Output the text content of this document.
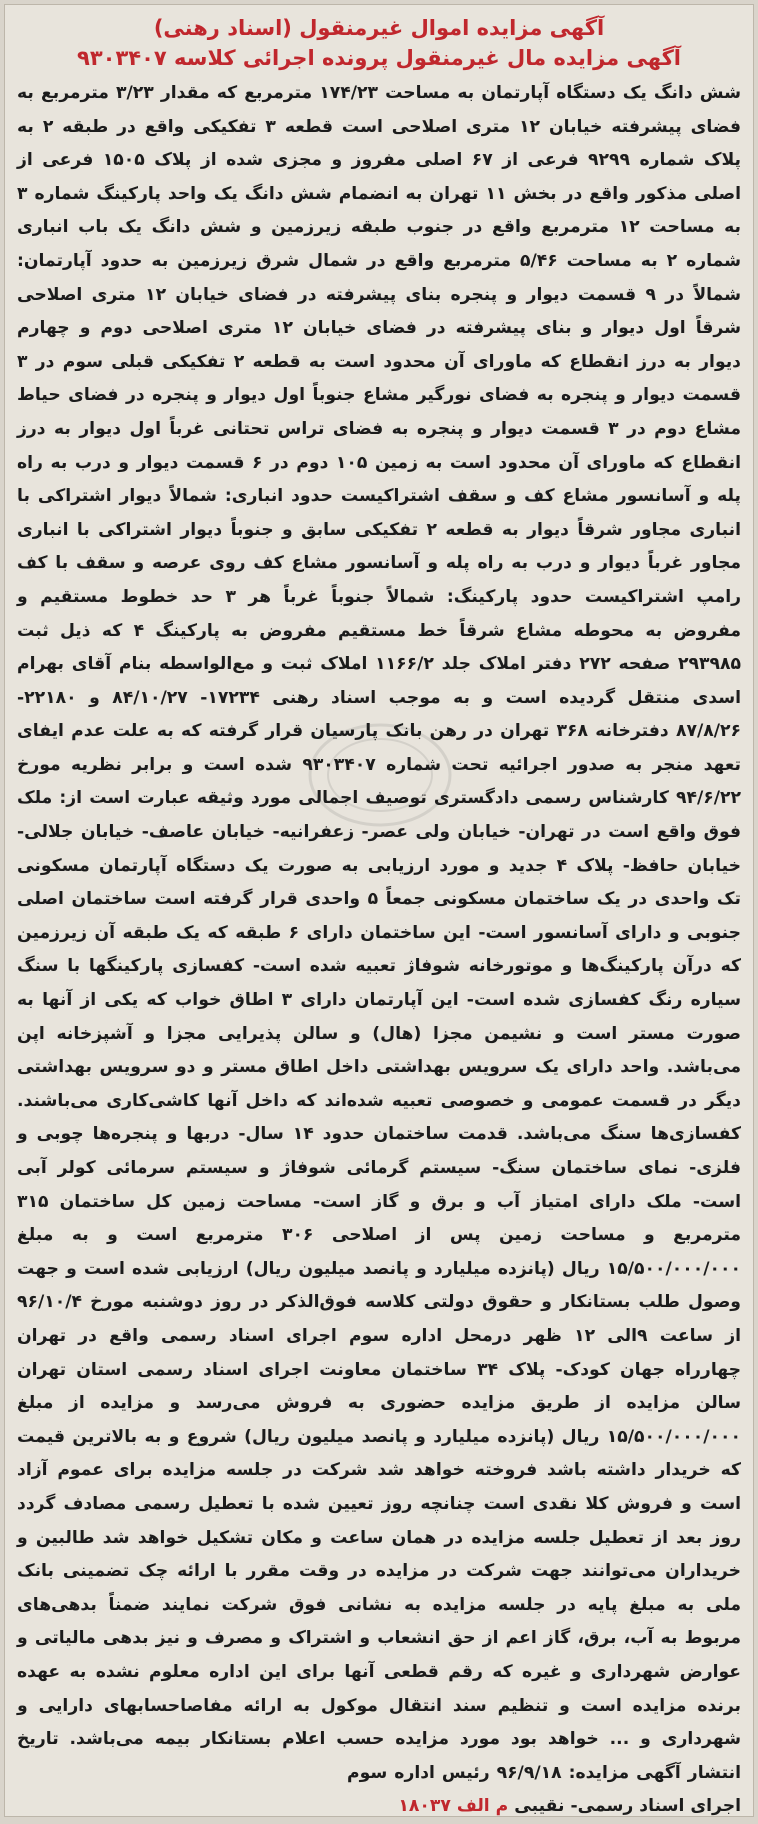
آگهی مزایده اموال غیرمنقول (اسناد رهنی)
آگهی مزایده مال غیرمنقول پرونده اجرائی کلاسه ۹۳۰۳۴۰۷

شش دانگ یک دستگاه آپارتمان به مساحت ۱۷۴/۲۳ مترمربع که مقدار ۳/۲۳ مترمربع به فضای پیشرفته خیابان ۱۲ متری اصلاحی است قطعه ۳ تفکیکی واقع در طبقه ۲ به پلاک شماره ۹۲۹۹ فرعی از ۶۷ اصلی مفروز و مجزی شده از پلاک ۱۵۰۵ فرعی از اصلی مذکور واقع در بخش ۱۱ تهران به انضمام شش دانگ یک واحد پارکینگ شماره ۳ به مساحت ۱۲ مترمربع واقع در جنوب طبقه زیرزمین و شش دانگ یک باب انباری شماره ۲ به مساحت ۵/۴۶ مترمربع واقع در شمال شرق زیرزمین به حدود آپارتمان: شمالاً در ۹ قسمت دیوار و پنجره بنای پیشرفته در فضای خیابان ۱۲ متری اصلاحی شرقاً اول دیوار و بنای پیشرفته در فضای خیابان ۱۲ متری اصلاحی دوم و چهارم دیوار به درز انقطاع که ماورای آن محدود است به قطعه ۲ تفکیکی قبلی سوم در ۳ قسمت دیوار و پنجره به فضای نورگیر مشاع جنوباً اول دیوار و پنجره در فضای حیاط مشاع دوم در ۳ قسمت دیوار و پنجره به فضای تراس تحتانی غرباً اول دیوار به درز انقطاع که ماورای آن محدود است به زمین ۱۰۵ دوم در ۶ قسمت دیوار و درب به راه پله و آسانسور مشاع کف و سقف اشتراکیست حدود انباری: شمالاً دیوار اشتراکی با انباری مجاور شرقاً دیوار به قطعه ۲ تفکیکی سابق و جنوباً دیوار اشتراکی با انباری مجاور غرباً دیوار و درب به راه پله و آسانسور مشاع کف روی عرصه و سقف با کف رامپ اشتراکیست حدود پارکینگ: شمالاً جنوباً غرباً هر ۳ حد خطوط مستقیم و مفروض به محوطه مشاع شرقاً خط مستقیم مفروض به پارکینگ ۴ که ذیل ثبت ۲۹۳۹۸۵ صفحه ۲۷۲ دفتر املاک جلد ۱۱۶۶/۲ املاک ثبت و مع‌الواسطه بنام آقای بهرام اسدی منتقل گردیده است و به موجب اسناد رهنی ۱۷۲۳۴- ۸۴/۱۰/۲۷ و ۲۲۱۸۰- ۸۷/۸/۲۶ دفترخانه ۳۶۸ تهران در رهن بانک پارسیان قرار گرفته که به علت عدم ایفای تعهد منجر به صدور اجرائیه تحت شماره ۹۳۰۳۴۰۷ شده است و برابر نظریه مورخ ۹۴/۶/۲۲ کارشناس رسمی دادگستری توصیف اجمالی مورد وثیقه عبارت است از: ملک فوق واقع است در تهران- خیابان ولی عصر- زعفرانیه- خیابان عاصف- خیابان جلالی- خیابان حافظ- پلاک ۴ جدید و مورد ارزیابی به صورت یک دستگاه آپارتمان مسکونی تک واحدی در یک ساختمان مسکونی جمعاً ۵ واحدی قرار گرفته است ساختمان اصلی جنوبی و دارای آسانسور است- این ساختمان دارای ۶ طبقه که یک طبقه آن زیرزمین که درآن پارکینگ‌ها و موتورخانه شوفاژ تعبیه شده است- کفسازی پارکینگها با سنگ سیاره رنگ کفسازی شده است- این آپارتمان دارای ۳ اطاق خواب که یکی از آنها به صورت مستر است و نشیمن مجزا (هال) و سالن پذیرایی مجزا و آشپزخانه اپن می‌باشد. واحد دارای یک سرویس بهداشتی داخل اطاق مستر و دو سرویس بهداشتی دیگر در قسمت عمومی و خصوصی تعبیه شده‌اند که داخل آنها کاشی‌کاری می‌باشند. کفسازی‌ها سنگ می‌باشد. قدمت ساختمان حدود ۱۴ سال- دربها و پنجره‌ها چوبی و فلزی- نمای ساختمان سنگ- سیستم گرمائی شوفاژ و سیستم سرمائی کولر آبی است- ملک دارای امتیاز آب و برق و گاز است- مساحت زمین کل ساختمان ۳۱۵ مترمربع و مساحت زمین پس از اصلاحی ۳۰۶ مترمربع است و به مبلغ ۱۵/۵۰۰/۰۰۰/۰۰۰ ریال (پانزده میلیارد و پانصد میلیون ریال) ارزیابی شده است و جهت وصول طلب بستانکار و حقوق دولتی کلاسه فوق‌الذکر در روز دوشنبه مورخ ۹۶/۱۰/۴ از ساعت ۹الی ۱۲ ظهر درمحل اداره سوم اجرای اسناد رسمی واقع در تهران چهارراه جهان کودک- پلاک ۳۴ ساختمان معاونت اجرای اسناد رسمی استان تهران سالن مزایده از طریق مزایده حضوری به فروش می‌رسد و مزایده از مبلغ ۱۵/۵۰۰/۰۰۰/۰۰۰ ریال (پانزده میلیارد و پانصد میلیون ریال) شروع و به بالاترین قیمت که خریدار داشته باشد فروخته خواهد شد شرکت در جلسه مزایده برای عموم آزاد است و فروش کلا نقدی است چنانچه روز تعیین شده با تعطیل رسمی مصادف گردد روز بعد از تعطیل جلسه مزایده در همان ساعت و مکان تشکیل خواهد شد طالبین و خریداران می‌توانند جهت شرکت در مزایده در وقت مقرر با ارائه چک تضمینی بانک ملی به مبلغ پایه در جلسه مزایده به نشانی فوق شرکت نمایند ضمناً بدهی‌های مربوط به آب، برق، گاز اعم از حق انشعاب و اشتراک و مصرف و نیز بدهی مالیاتی و عوارض شهرداری و غیره که رقم قطعی آنها برای این اداره معلوم نشده به عهده برنده مزایده است و تنظیم سند انتقال موکول به ارائه مفاصاحسابهای دارایی و شهرداری و ... خواهد بود مورد مزایده حسب اعلام بستانکار بیمه می‌باشد. تاریخ انتشار آگهی مزایده: ۹۶/۹/۱۸ رئیس اداره سوم

اجرای اسناد رسمی- نقیبی م الف ۱۸۰۳۷
